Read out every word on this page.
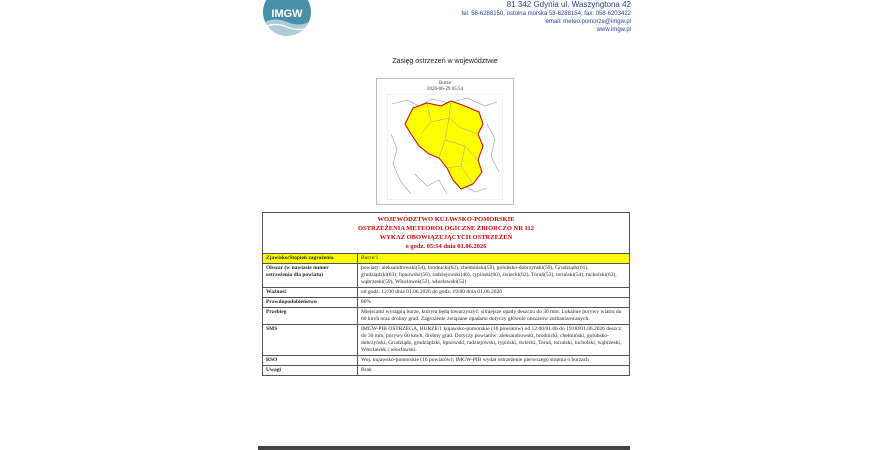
IMGW
81 342 Gdynia ul. Waszyngtona 42
tel. 58-6288150, ostoina morska 58-6288154, fax: 058-6203422
email: meteo.pomorze@imgw.pl
www.imgw.pl
Zasięg ostrzeżeń w województwie
Burze
2026-06-29 05:54
WOJEWÓDZTWO KUJAWSKO-POMORSKIE
OSTRZEŻENIA METEOROLOGICZNE ZBIORCZO NR 112
WYKAZ OBOWIĄZUJĄCYCH OSTRZEŻEŃ
o godz. 05:54 dnia 01.06.2026	

Zjawisko/Stopień zagrożenia	Burze/1
Obszar (w nawiasie numer ostrzeżenia dla powiatu)	powiaty: aleksandrowski(54), brodnicki(62), chełmiński(59), golubsko-dobrzyński(59), Grudziądz(61), grudziądzki(63), lipnowski(56), radziejowski(46), rypiński(60), świecki(62), Toruń(53), toruński(54), tucholski(63), wąbrzeski(59), Włocławek(52), włocławski(52)
Ważność	od godz. 12:00 dnia 01.06.2026 do godz. 19:00 dnia 01.06.2026
Prawdopodobieństwo	80%
Przebieg	Miejscami wystąpią burze, którym będą towarzyszyć: silniejsze opady deszczu do 30 mm. Lokalnie porywy wiatru do 60 km/h oraz drobny grad. Zagrożenie związane opadami dotyczy głównie obszarów zurbanizowanych.
SMS	IMGW-PIB OSTRZEGA, BURZE/1 kujawsko-pomorskie (16 powiatów) od 12:00/01.06 do 19:00/01.06.2026 deszcz do 30 mm, porywy 60 km/h, drobny grad. Dotyczy powiatów: aleksandrowski, brodnicki, chełmiński, golubsko-dobrzyński, Grudziądz, grudziądzki, lipnowski, radziejowski, rypiński, świecki, Toruń, toruński, tucholski, wąbrzeski, Włocławek i włocławski.
RSO	Woj. kujawsko-pomorskie (16 powiatów); IMGW-PIB wydał ostrzeżenie pierwszego stopnia o burzach
Uwagi	Brak
